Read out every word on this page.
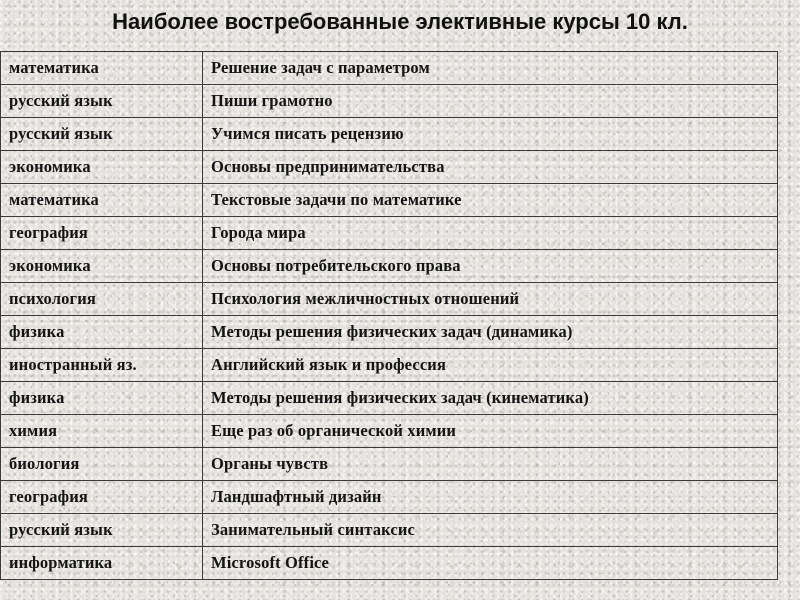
Наиболее востребованные элективные курсы 10 кл.
математика	Решение задач с параметром
русский язык	Пиши грамотно
русский язык	Учимся писать рецензию
экономика	Основы предпринимательства
математика	Текстовые задачи по математике
география	Города мира
экономика	Основы потребительского права
психология	Психология межличностных отношений
физика	Методы решения физических задач (динамика)
иностранный яз.	Английский язык и профессия
физика	Методы решения физических задач (кинематика)
химия	Еще раз об органической химии
биология	Органы чувств
география	Ландшафтный дизайн
русский язык	Занимательный синтаксис
информатика	Microsoft Office
